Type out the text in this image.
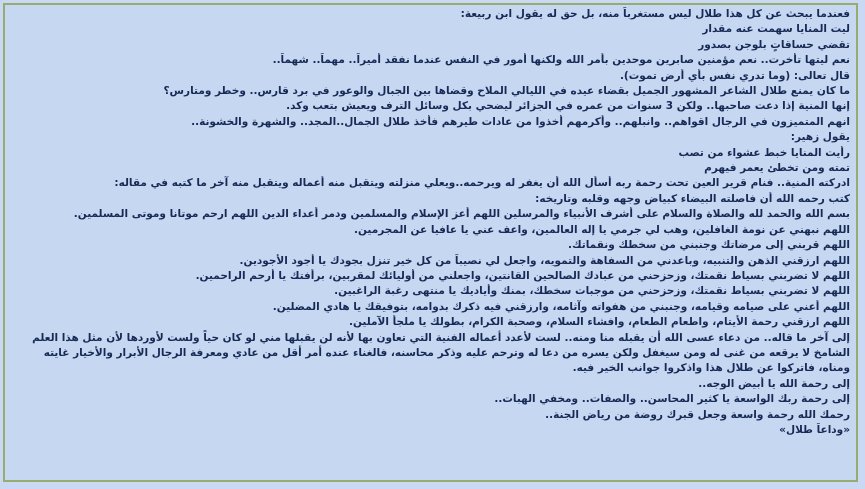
فعندما يبحث عن كل هذا طلال ليس مستغرباً منه، بل حق له يقول ابن ربيعة:
ليت المنايا سهمت عنه مقدار
تقضي حساقاتٍ بلوجن بصدور
نعم ليتها تأخرت.. نعم مؤمنين صابرين موحدين بأمر الله ولكنها أمور في النفس عندما نفقد أميراً.. مهماً.. شهماً..
قال تعالى: (وما تدري نفس بأي أرض تموت).
ما كان يمنع طلال الشاعر المشهور الجميل بقضاء عيده في الليالي الملاح وقضاها بين الجبال والوعور في برد قارس.. وخطر ومتارس؟
إنها المنية إذا دعت صاحبها.. ولكن 3 سنوات من عمره في الجزائر ليضحي بكل وسائل الترف ويعيش بتعب وكد.
انهم المتميزون في الرجال اقواهم.. وانبلهم.. وأكرمهم أخذوا من عادات طيرهم فأخذ طلال الجمال..المجد.. والشهرة والخشونة..
يقول زهير:
رأيت المنايا خبط عشواء من تصب
تمته ومن تخطئ يعمر فيهرم
ادركته المنية.. فنام قرير العين تحت رحمة ربه أسأل الله أن يغفر له ويرحمه..ويعلي منزلته ويتقبل منه أعماله ويتقبل منه آخر ما كتبه في مقاله:
كتب رحمه الله أن فاصلته البيضاء كبياض وجهه وقلبه وتاريخه:
بسم الله والحمد لله والصلاة والسلام على أشرف الأنبياء والمرسلين اللهم أعز الإسلام والمسلمين ودمر أعداء الدين اللهم ارحم موتانا وموتى المسلمين.
اللهم نبهني عن نومة الغافلين، وهب لي جرمي يا إله العالمين، واعف عني يا عافيا عن المجرمين.
اللهم قربني إلى مرضاتك وجنبني من سخطك ونقماتك.
اللهم ارزقني الذهن والتنبيه، وباعدني من السفاهة والتمويه، واجعل لي نصيباً من كل خير تنزل بجودك يا أجود الأجودين.
اللهم لا تضربني بسياط نقمتك، وزحزحني من عبادك الصالحين القانتين، واجعلني من أوليائك لمقربين، برأفتك يا أرحم الراحمين.
اللهم لا تضربني بسياط نقمتك، وزحزحني من موجبات سخطك، بمنك وأياديك يا منتهى رغبة الراغبين.
اللهم أعني على صيامه وقيامه، وجنبني من هفواته وآثامه، وارزقني فيه ذكرك بدوامه، بتوفيقك يا هادي المضلين.
اللهم ارزقني رحمة الأيتام، واطعام الطعام، وافشاء السلام، وصحبة الكرام، بطولك يا ملجأ الآملين.
إلى آخر ما قاله.. من دعاء عسى الله أن يقبله منا ومنه.. لست لأعدد أعماله الفنية التي تعاون بها لأنه لن يقبلها مني لو كان حياً ولست لأوردها لأن مثل هذا العلم الشامخ لا يرقعه من غنى له ومن سيغفل ولكن يسره من دعا له وترحم عليه وذكر محاسنه، فالغناء عنده أمر أقل من عادي ومعرفة الرجال الأبرار والأخيار غايته ومناه، فاتركوا عن طلال هذا واذكروا جوانب الخير فيه.
إلى رحمة الله يا أبيض الوجه..
إلى رحمة ربك الواسعة يا كثير المحاسن.. والصفات.. ومخفي الهبات..
رحمك الله رحمة واسعة وجعل قبرك روضة من رياض الجنة..
«وداعاً طلال»
